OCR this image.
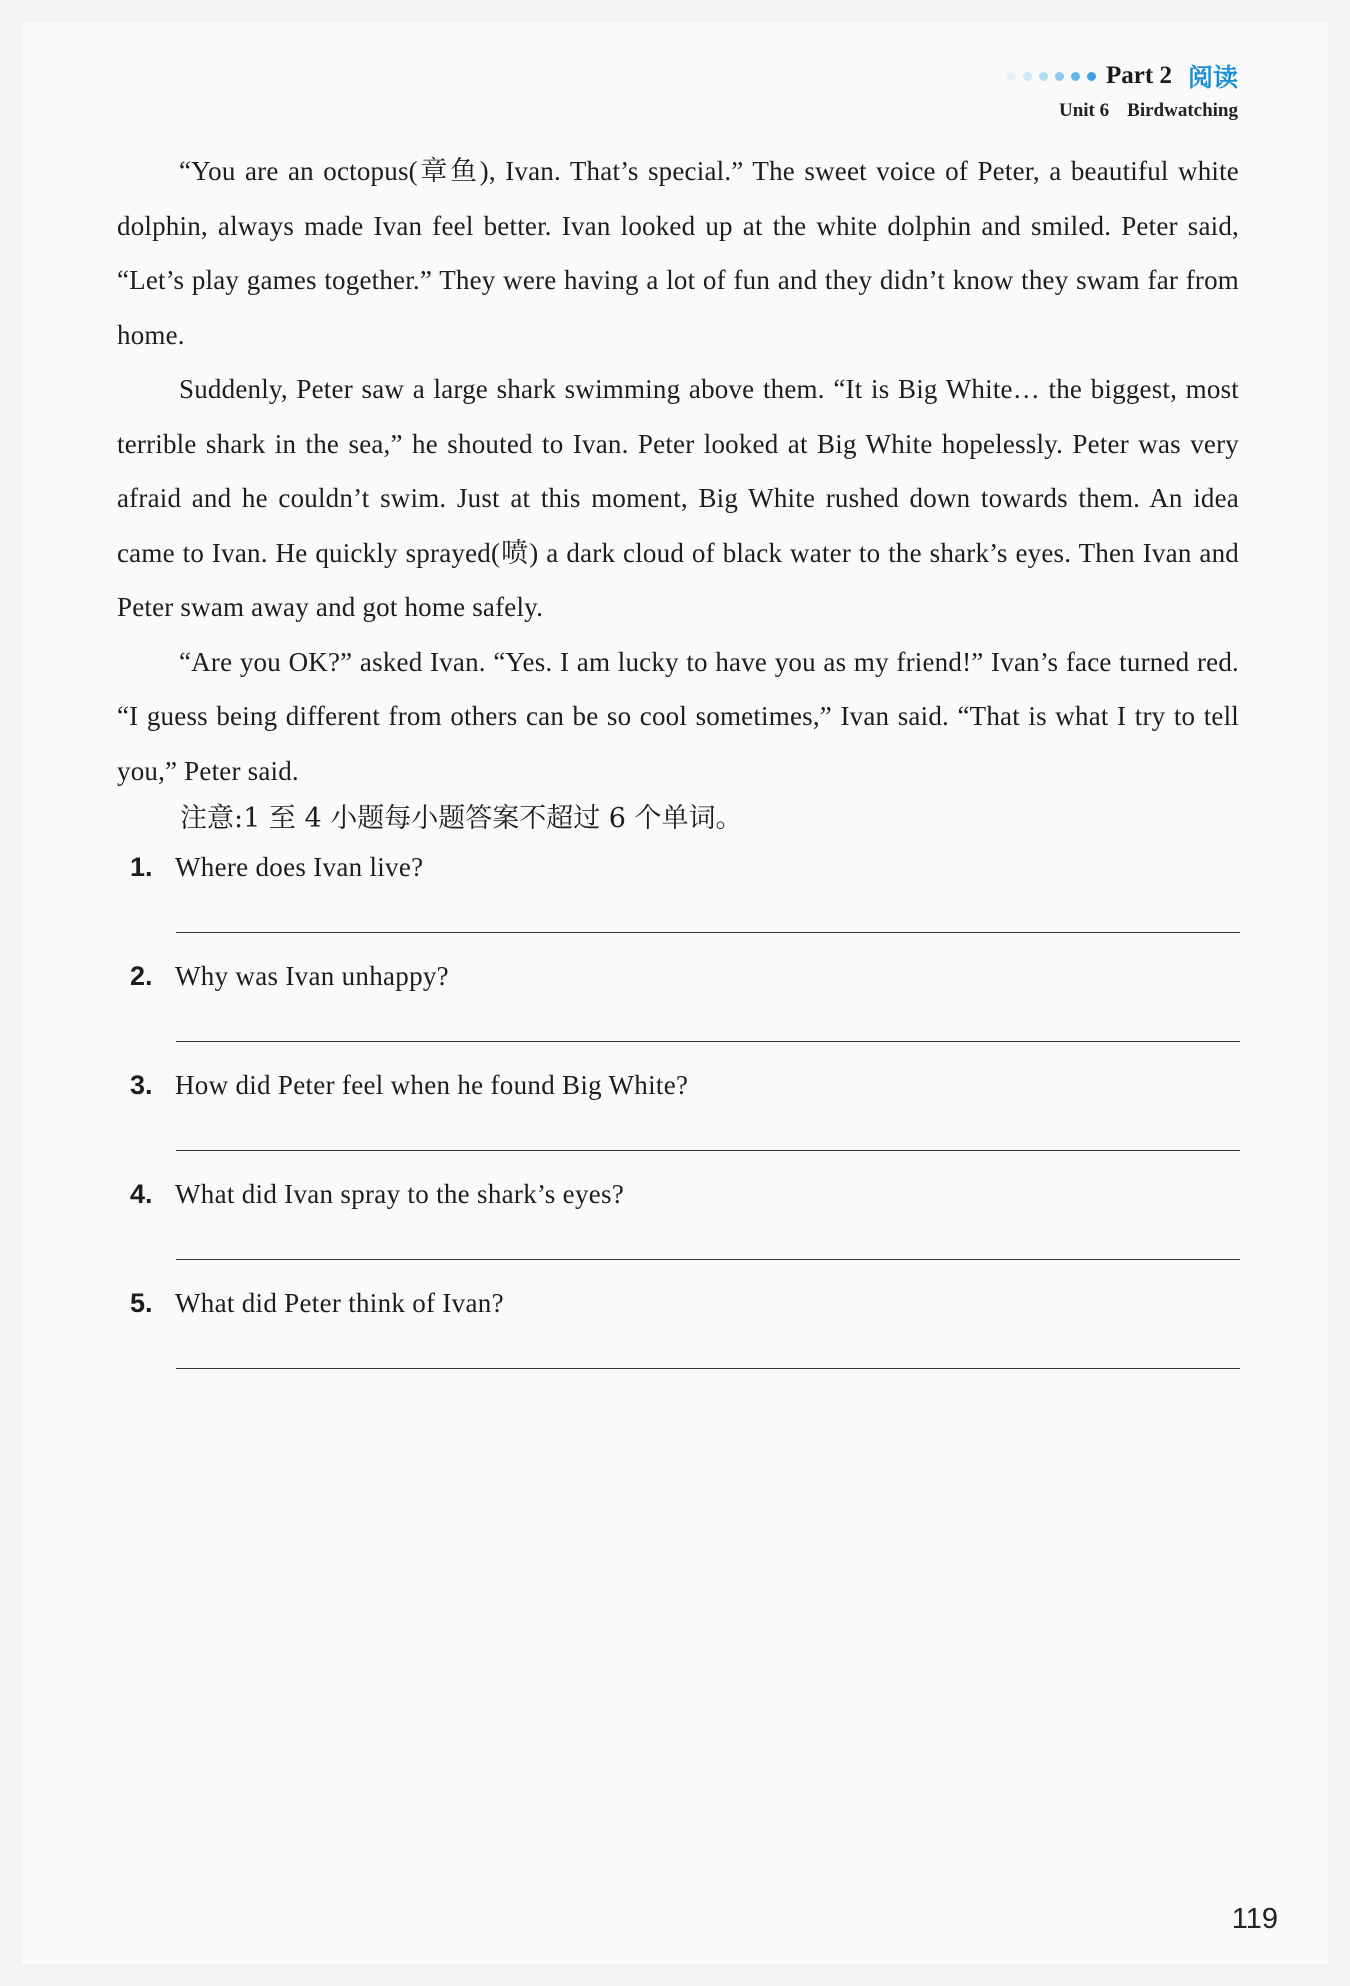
Part 2 阅读
Unit 6 Birdwatching

“You are an octopus(章鱼), Ivan. That’s special.” The sweet voice of Peter, a beautiful white dolphin, always made Ivan feel better. Ivan looked up at the white dolphin and smiled. Peter said, “Let’s play games together.” They were having a lot of fun and they didn’t know they swam far from home.

Suddenly, Peter saw a large shark swimming above them. “It is Big White… the biggest, most terrible shark in the sea,” he shouted to Ivan. Peter looked at Big White hopelessly. Peter was very afraid and he couldn’t swim. Just at this moment, Big White rushed down towards them. An idea came to Ivan. He quickly sprayed(喷) a dark cloud of black water to the shark’s eyes. Then Ivan and Peter swam away and got home safely.

“Are you OK?” asked Ivan. “Yes. I am lucky to have you as my friend!” Ivan’s face turned red. “I guess being different from others can be so cool sometimes,” Ivan said. “That is what I try to tell you,” Peter said.

注意:1 至 4 小题每小题答案不超过 6 个单词。
1. Where does Ivan live?
2. Why was Ivan unhappy?
3. How did Peter feel when he found Big White?
4. What did Ivan spray to the shark’s eyes?
5. What did Peter think of Ivan?
119
